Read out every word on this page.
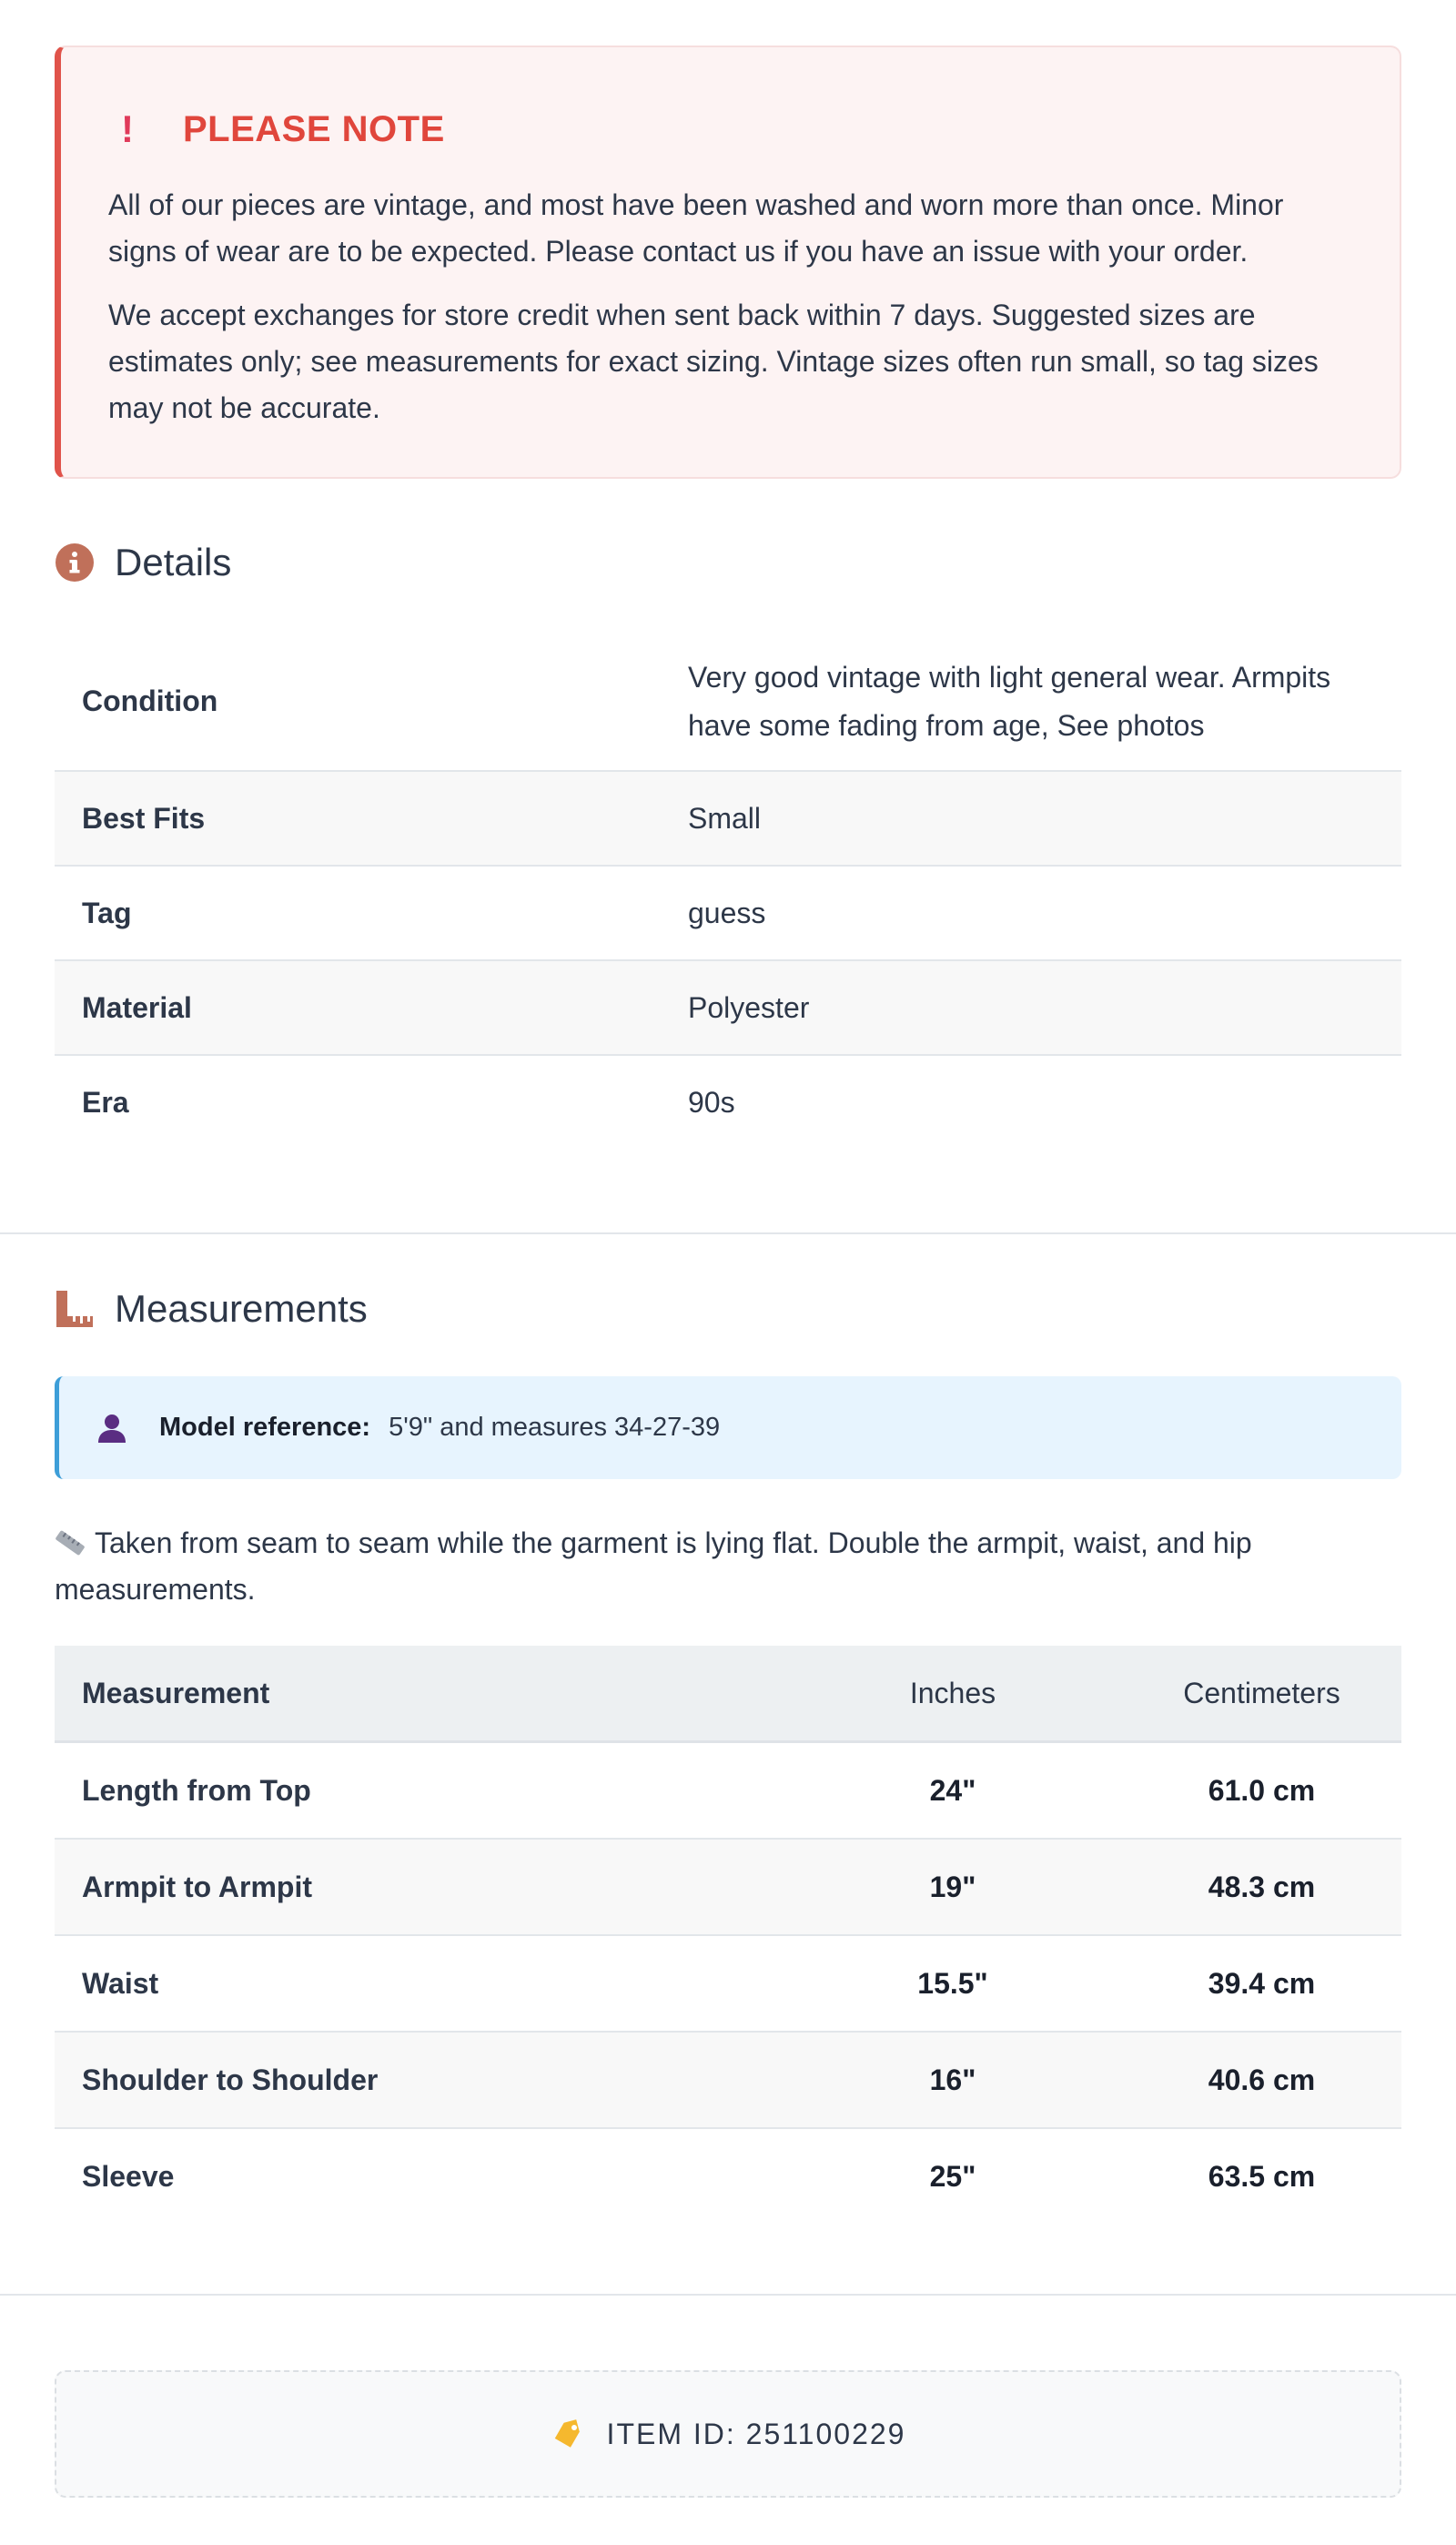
!	PLEASE NOTE

All of our pieces are vintage, and most have been washed and worn more than once. Minor signs of wear are to be expected. Please contact us if you have an issue with your order.

We accept exchanges for store credit when sent back within 7 days. Suggested sizes are estimates only; see measurements for exact sizing. Vintage sizes often run small, so tag sizes may not be accurate.

Details
Condition	Very good vintage with light general wear. Armpits have some fading from age, See photos
Best Fits	Small
Tag	guess
Material	Polyester
Era	90s
Measurements
Model reference: 5'9" and measures 34-27-39
Taken from seam to seam while the garment is lying flat. Double the armpit, waist, and hip measurements.
Measurement	Inches	Centimeters
Length from Top	24"	61.0 cm
Armpit to Armpit	19"	48.3 cm
Waist	15.5"	39.4 cm
Shoulder to Shoulder	16"	40.6 cm
Sleeve	25"	63.5 cm
ITEM ID: 251100229
